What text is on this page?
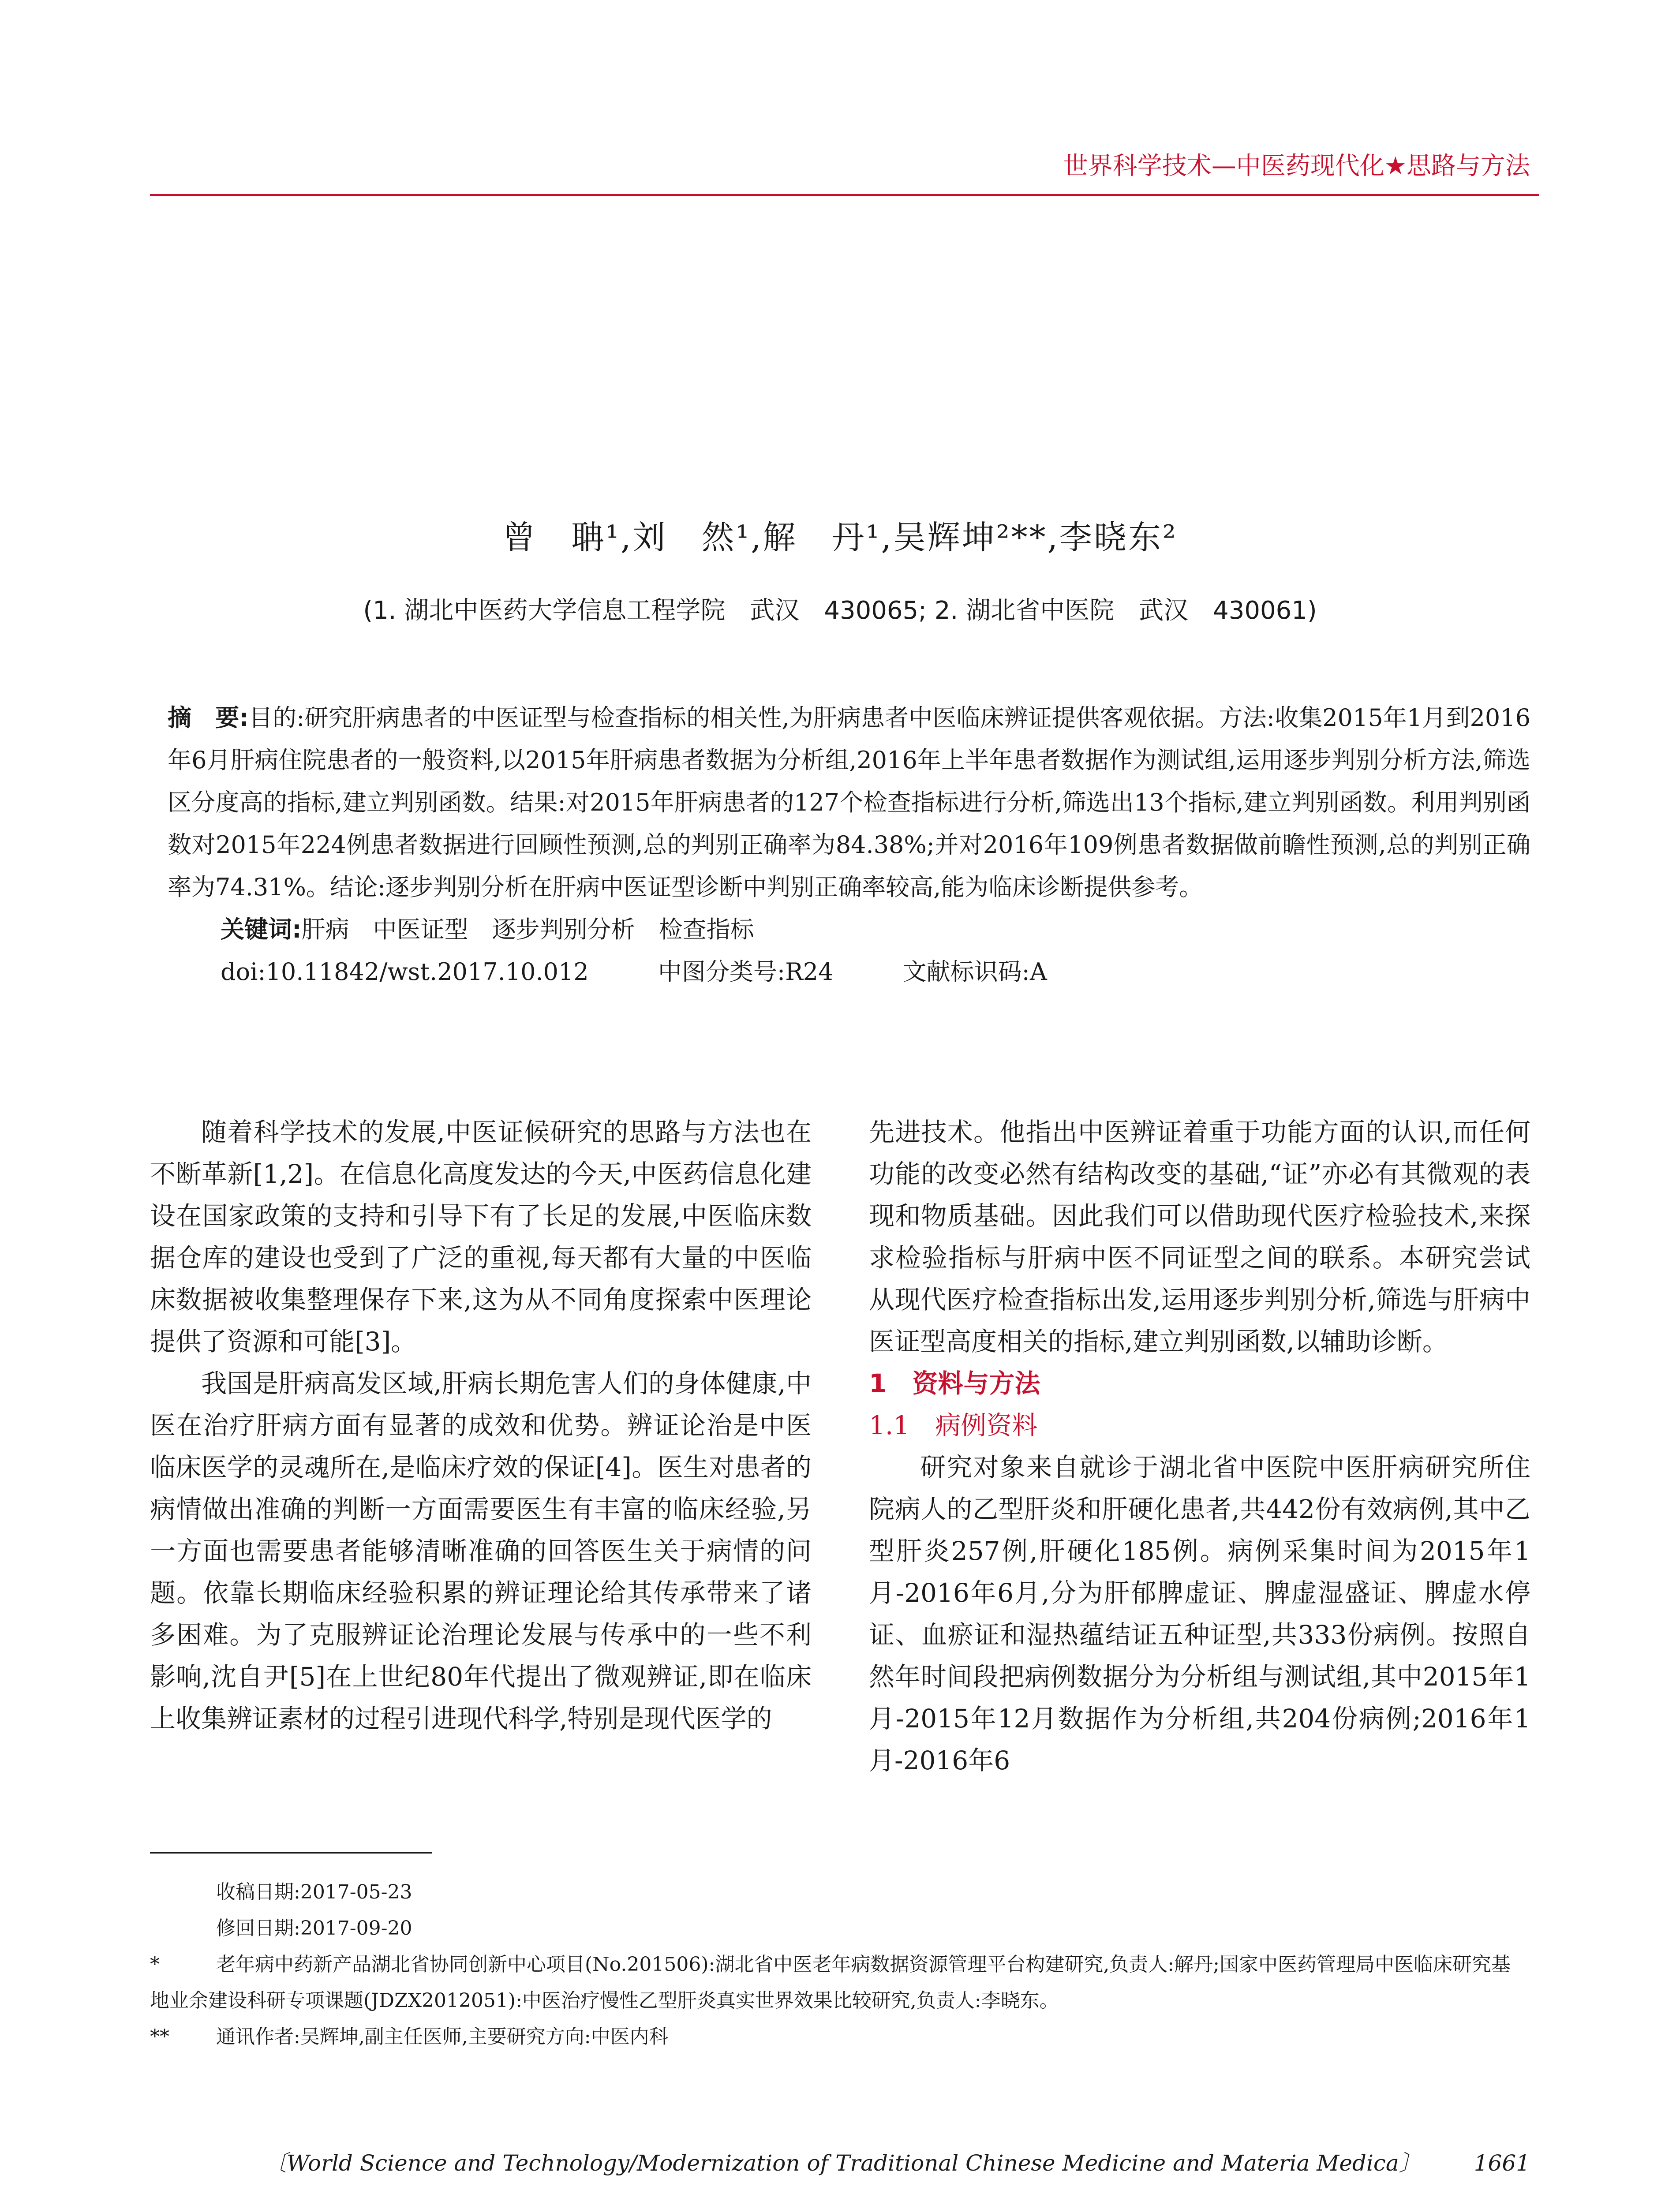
世界科学技术—中医药现代化★思路与方法
曾　聃¹,刘　然¹,解　丹¹,吴辉坤²**,李晓东²
(1. 湖北中医药大学信息工程学院　武汉　430065; 2. 湖北省中医院　武汉　430061)
摘　要:目的:研究肝病患者的中医证型与检查指标的相关性,为肝病患者中医临床辨证提供客观依据。方法:收集2015年1月到2016年6月肝病住院患者的一般资料,以2015年肝病患者数据为分析组,2016年上半年患者数据作为测试组,运用逐步判别分析方法,筛选区分度高的指标,建立判别函数。结果:对2015年肝病患者的127个检查指标进行分析,筛选出13个指标,建立判别函数。利用判别函数对2015年224例患者数据进行回顾性预测,总的判别正确率为84.38%;并对2016年109例患者数据做前瞻性预测,总的判别正确率为74.31%。结论:逐步判别分析在肝病中医证型诊断中判别正确率较高,能为临床诊断提供参考。
关键词:肝病　中医证型　逐步判别分析　检查指标
doi:10.11842/wst.2017.10.012	中图分类号:R24	文献标识码:A

随着科学技术的发展,中医证候研究的思路与方法也在不断革新[1,2]。在信息化高度发达的今天,中医药信息化建设在国家政策的支持和引导下有了长足的发展,中医临床数据仓库的建设也受到了广泛的重视,每天都有大量的中医临床数据被收集整理保存下来,这为从不同角度探索中医理论提供了资源和可能[3]。

我国是肝病高发区域,肝病长期危害人们的身体健康,中医在治疗肝病方面有显著的成效和优势。辨证论治是中医临床医学的灵魂所在,是临床疗效的保证[4]。医生对患者的病情做出准确的判断一方面需要医生有丰富的临床经验,另一方面也需要患者能够清晰准确的回答医生关于病情的问题。依靠长期临床经验积累的辨证理论给其传承带来了诸多困难。为了克服辨证论治理论发展与传承中的一些不利影响,沈自尹[5]在上世纪80年代提出了微观辨证,即在临床上收集辨证素材的过程引进现代科学,特别是现代医学的

先进技术。他指出中医辨证着重于功能方面的认识,而任何功能的改变必然有结构改变的基础,“证”亦必有其微观的表现和物质基础。因此我们可以借助现代医疗检验技术,来探求检验指标与肝病中医不同证型之间的联系。本研究尝试从现代医疗检查指标出发,运用逐步判别分析,筛选与肝病中医证型高度相关的指标,建立判别函数,以辅助诊断。

1　资料与方法

1.1　病例资料

研究对象来自就诊于湖北省中医院中医肝病研究所住院病人的乙型肝炎和肝硬化患者,共442份有效病例,其中乙型肝炎257例,肝硬化185例。病例采集时间为2015年1月-2016年6月,分为肝郁脾虚证、脾虚湿盛证、脾虚水停证、血瘀证和湿热蕴结证五种证型,共333份病例。按照自然年时间段把病例数据分为分析组与测试组,其中2015年1月-2015年12月数据作为分析组,共204份病例;2016年1月-2016年6

收稿日期:2017-05-23

修回日期:2017-09-20

*	老年病中药新产品湖北省协同创新中心项目(No.201506):湖北省中医老年病数据资源管理平台构建研究,负责人:解丹;国家中医药管理局中医临床研究基地业余建设科研专项课题(JDZX2012051):中医治疗慢性乙型肝炎真实世界效果比较研究,负责人:李晓东。

** 通讯作者:吴辉坤,副主任医师,主要研究方向:中医内科

〔World Science and Technology/Modernization of Traditional Chinese Medicine and Materia Medica〕 1661
